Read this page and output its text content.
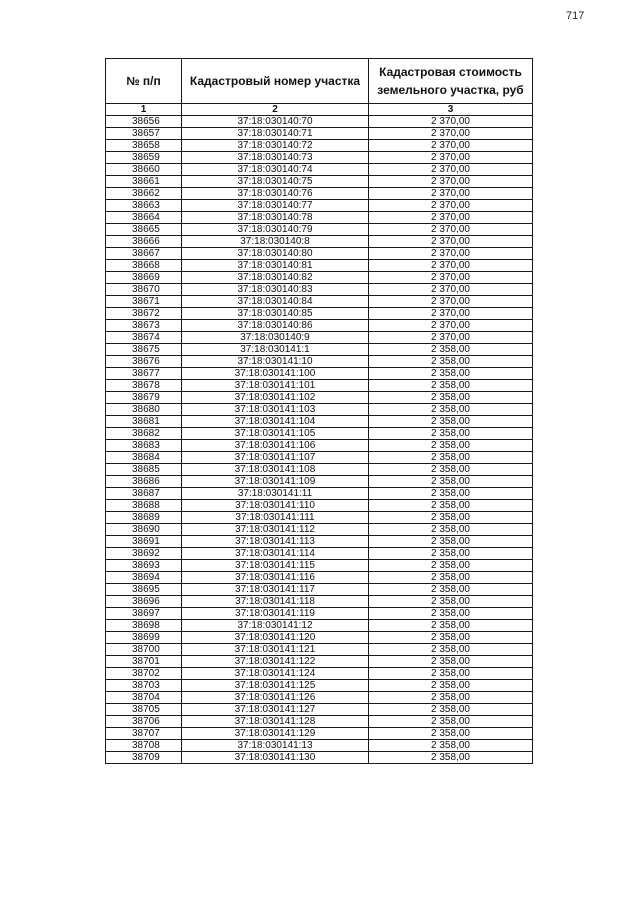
717
№ п/п	Кадастровый номер участка	Кадастровая стоимость земельного участка, руб

1	2	3
38656	37:18:030140:70	2 370,00
38657	37:18:030140:71	2 370,00
38658	37:18:030140:72	2 370,00
38659	37:18:030140:73	2 370,00
38660	37:18:030140:74	2 370,00
38661	37:18:030140:75	2 370,00
38662	37:18:030140:76	2 370,00
38663	37:18:030140:77	2 370,00
38664	37:18:030140:78	2 370,00
38665	37:18:030140:79	2 370,00
38666	37:18:030140:8	2 370,00
38667	37:18:030140:80	2 370,00
38668	37:18:030140:81	2 370,00
38669	37:18:030140:82	2 370,00
38670	37:18:030140:83	2 370,00
38671	37:18:030140:84	2 370,00
38672	37:18:030140:85	2 370,00
38673	37:18:030140:86	2 370,00
38674	37:18:030140:9	2 370,00
38675	37:18:030141:1	2 358,00
38676	37:18:030141:10	2 358,00
38677	37:18:030141:100	2 358,00
38678	37:18:030141:101	2 358,00
38679	37:18:030141:102	2 358,00
38680	37:18:030141:103	2 358,00
38681	37:18:030141:104	2 358,00
38682	37:18:030141:105	2 358,00
38683	37:18:030141:106	2 358,00
38684	37:18:030141:107	2 358,00
38685	37:18:030141:108	2 358,00
38686	37:18:030141:109	2 358,00
38687	37:18:030141:11	2 358,00
38688	37:18:030141:110	2 358,00
38689	37:18:030141:111	2 358,00
38690	37:18:030141:112	2 358,00
38691	37:18:030141:113	2 358,00
38692	37:18:030141:114	2 358,00
38693	37:18:030141:115	2 358,00
38694	37:18:030141:116	2 358,00
38695	37:18:030141:117	2 358,00
38696	37:18:030141:118	2 358,00
38697	37:18:030141:119	2 358,00
38698	37:18:030141:12	2 358,00
38699	37:18:030141:120	2 358,00
38700	37:18:030141:121	2 358,00
38701	37:18:030141:122	2 358,00
38702	37:18:030141:124	2 358,00
38703	37:18:030141:125	2 358,00
38704	37:18:030141:126	2 358,00
38705	37:18:030141:127	2 358,00
38706	37:18:030141:128	2 358,00
38707	37:18:030141:129	2 358,00
38708	37:18:030141:13	2 358,00
38709	37:18:030141:130	2 358,00
